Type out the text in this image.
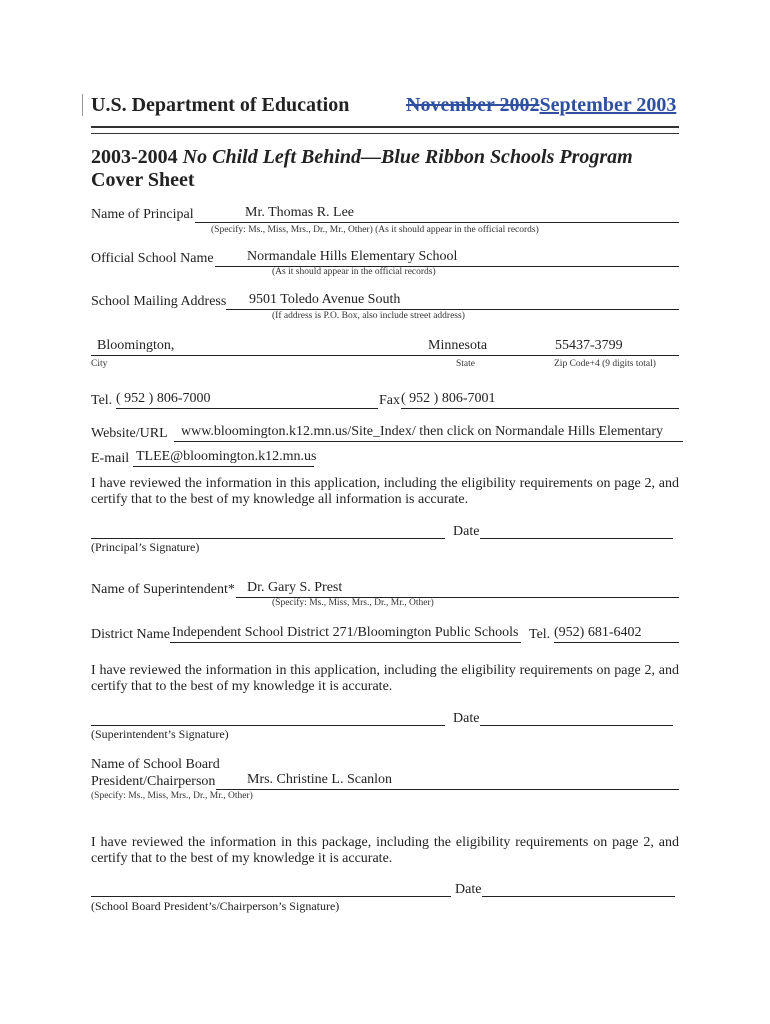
U.S. Department of Education	November 2002September 2003
2003-2004 No Child Left Behind—Blue Ribbon Schools Program
Cover Sheet
Name of Principal	Mr. Thomas R. Lee
(Specify: Ms., Miss, Mrs., Dr., Mr., Other) (As it should appear in the official records)
Official School Name Normandale Hills Elementary School
(As it should appear in the official records)
School Mailing Address 9501 Toledo Avenue South
(If address is P.O. Box, also include street address)
Bloomington,	Minnesota	55437-3799
City	State	Zip Code+4 (9 digits total)
Tel. ( 952 ) 806-7000	Fax ( 952 ) 806-7001
Website/URL www.bloomington.k12.mn.us/Site_Index/ then click on Normandale Hills Elementary
E-mail TLEE@bloomington.k12.mn.us
I have reviewed the information in this application, including the eligibility requirements on page 2, and certify that to the best of my knowledge all information is accurate.
Date
(Principal’s Signature)
Name of Superintendent* Dr. Gary S. Prest
(Specify: Ms., Miss, Mrs., Dr., Mr., Other)
District Name Independent School District 271/Bloomington Public Schools Tel. (952) 681-6402
I have reviewed the information in this application, including the eligibility requirements on page 2, and certify that to the best of my knowledge it is accurate.
Date
(Superintendent’s Signature)
Name of School Board
President/Chairperson Mrs. Christine L. Scanlon
(Specify: Ms., Miss, Mrs., Dr., Mr., Other)
I have reviewed the information in this package, including the eligibility requirements on page 2, and certify that to the best of my knowledge it is accurate.
Date
(School Board President’s/Chairperson’s Signature)
